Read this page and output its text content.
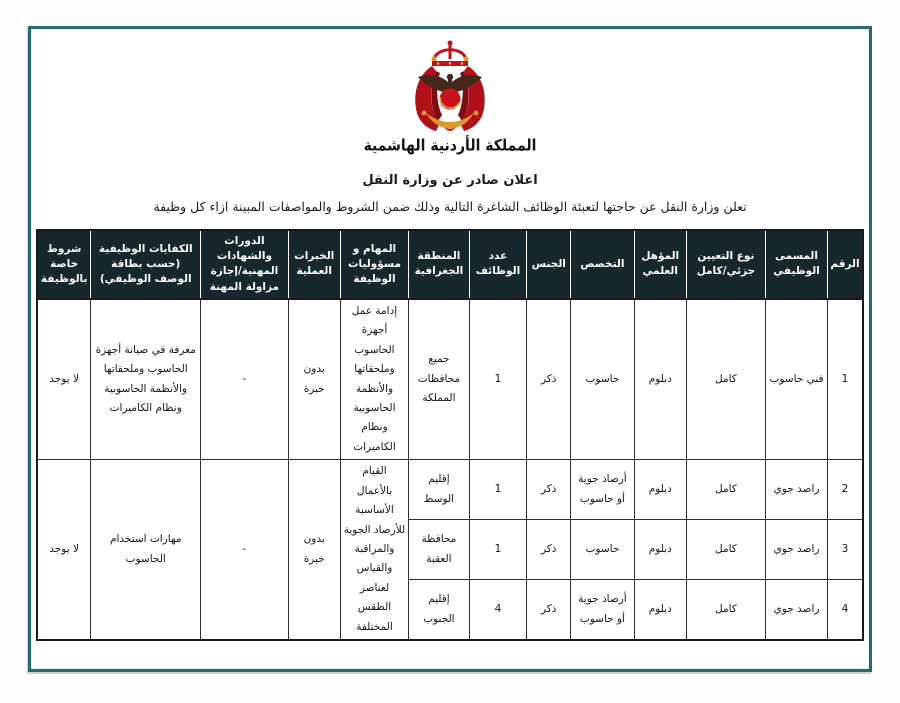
المملكة الأردنية الهاشمية
اعلان صادر عن وزارة النقل
تعلن وزارة النقل عن حاجتها لتعبئة الوظائف الشاغرة التالية وذلك ضمن الشروط والمواصفات المبينة ازاء كل وظيفة
الرقم	المسمى الوظيفي	نوع التعيين جزئي/كامل	المؤهل العلمي	التخصص	الجنس	عدد الوظائف	المنطقة الجغرافية	المهام و مسؤوليات الوظيفة	الخبرات العملية	الدورات والشهادات المهنية/إجازة مزاولة المهنة	الكفايات الوظيفية (حسب بطاقة الوصف الوظيفي)	شروط خاصة بالوظيفة
1	فني حاسوب	كامل	دبلوم	حاسوب	ذكر	1	جميع محافظات المملكة	إدامة عمل أجهزة الحاسوب وملحقاتها والأنظمة الحاسوبية ونظام الكاميرات	بدون خبرة	-	معرفة في صيانة أجهزة الحاسوب وملحقاتها والأنظمة الحاسوبية ونظام الكاميرات	لا يوجد
2	راصد جوي	كامل	دبلوم	أرصاد جوية أو حاسوب	ذكر	1	إقليم الوسط	القيام بالأعمال الأساسية للأرصاد الجوية والمراقبة والقياس لعناصر الطقس المختلفة	بدون خبرة	-	مهارات استخدام الحاسوب	لا يوجد
3	راصد جوي	كامل	دبلوم	حاسوب	ذكر	1	محافظة العقبة					
4	راصد جوي	كامل	دبلوم	أرصاد جوية أو حاسوب	ذكر	4	إقليم الجنوب					
